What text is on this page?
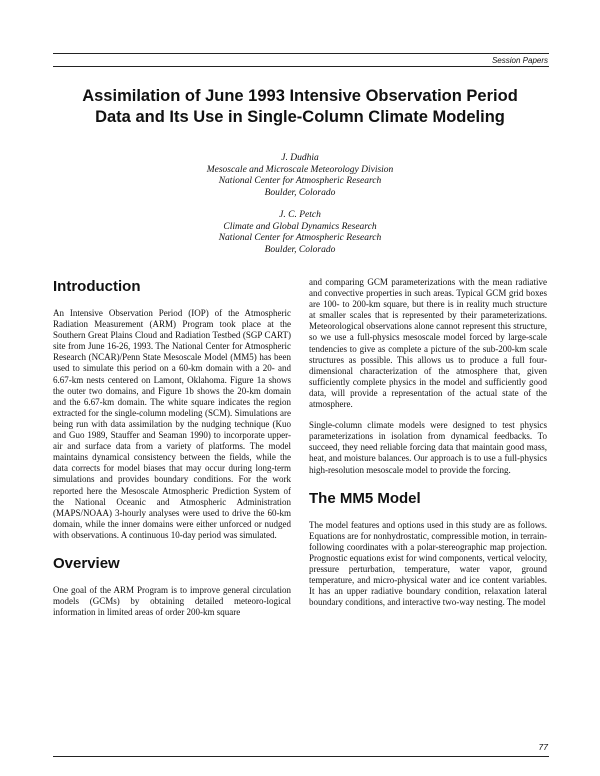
Session Papers
Assimilation of June 1993 Intensive Observation Period
Data and Its Use in Single-Column Climate Modeling
J. Dudhia
Mesoscale and Microscale Meteorology Division
National Center for Atmospheric Research
Boulder, Colorado
J. C. Petch
Climate and Global Dynamics Research
National Center for Atmospheric Research
Boulder, Colorado
Introduction

An Intensive Observation Period (IOP) of the Atmospheric Radiation Measurement (ARM) Program took place at the Southern Great Plains Cloud and Radiation Testbed (SGP CART) site from June 16-26, 1993. The National Center for Atmospheric Research (NCAR)/Penn State Mesoscale Model (MM5) has been used to simulate this period on a 60-km domain with a 20- and 6.67-km nests centered on Lamont, Oklahoma. Figure 1a shows the outer two domains, and Figure 1b shows the 20-km domain and the 6.67-km domain. The white square indicates the region extracted for the single-column modeling (SCM). Simulations are being run with data assimilation by the nudging technique (Kuo and Guo 1989, Stauffer and Seaman 1990) to incorporate upper-air and surface data from a variety of platforms. The model maintains dynamical consistency between the fields, while the data corrects for model biases that may occur during long-term simulations and provides boundary conditions. For the work reported here the Mesoscale Atmospheric Prediction System of the National Oceanic and Atmospheric Administration (MAPS/NOAA) 3-hourly analyses were used to drive the 60-km domain, while the inner domains were either unforced or nudged with observations. A continuous 10-day period was simulated.

Overview

One goal of the ARM Program is to improve general circulation models (GCMs) by obtaining detailed meteoro-logical information in limited areas of order 200-km square

and comparing GCM parameterizations with the mean radiative and convective properties in such areas. Typical GCM grid boxes are 100- to 200-km square, but there is in reality much structure at smaller scales that is represented by their parameterizations. Meteorological observations alone cannot represent this structure, so we use a full-physics mesoscale model forced by large-scale tendencies to give as complete a picture of the sub-200-km scale structures as possible. This allows us to produce a full four-dimensional characterization of the atmosphere that, given sufficiently complete physics in the model and sufficiently good data, will provide a representation of the actual state of the atmosphere.

Single-column climate models were designed to test physics parameterizations in isolation from dynamical feedbacks. To succeed, they need reliable forcing data that maintain good mass, heat, and moisture balances. Our approach is to use a full-physics high-resolution mesoscale model to provide the forcing.

The MM5 Model

The model features and options used in this study are as follows. Equations are for nonhydrostatic, compressible motion, in terrain-following coordinates with a polar-stereographic map projection. Prognostic equations exist for wind components, vertical velocity, pressure perturbation, temperature, water vapor, ground temperature, and micro-physical water and ice content variables. It has an upper radiative boundary condition, relaxation lateral boundary conditions, and interactive two-way nesting. The model

77
